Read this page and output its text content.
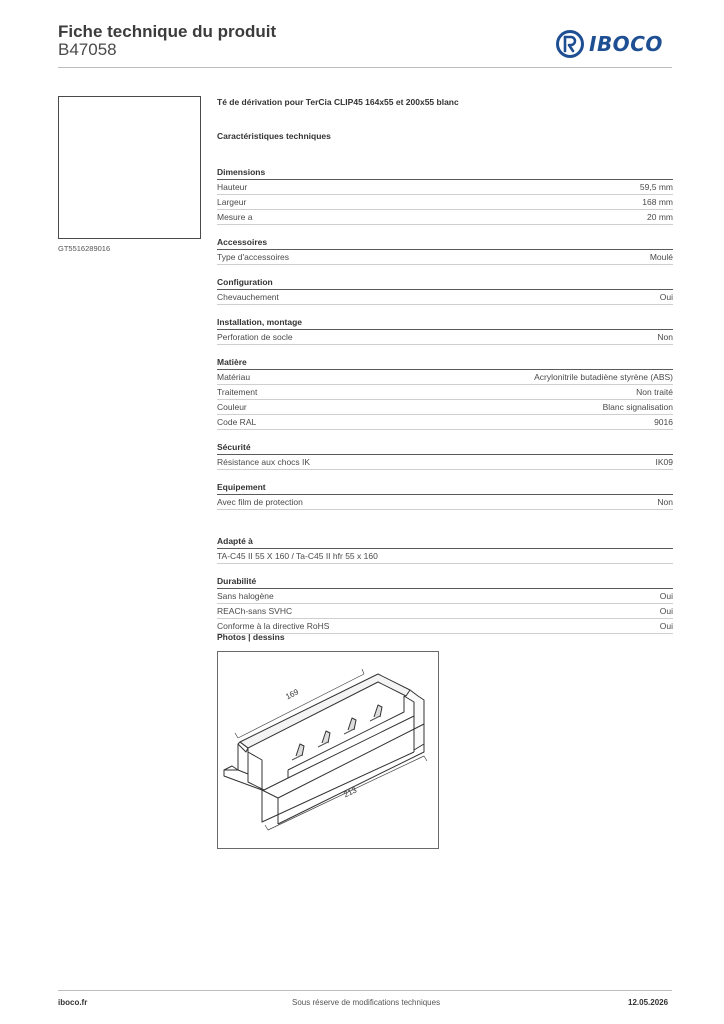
Fiche technique du produit
B47058	IBOCO
GT5516289016
Té de dérivation pour TerCia CLIP45 164x55 et 200x55 blanc
Caractéristiques techniques
Dimensions
Hauteur	59,5 mm
Largeur	168 mm
Mesure a	20 mm
Accessoires
Type d'accessoires	Moulé
Configuration
Chevauchement	Oui
Installation, montage
Perforation de socle	Non
Matière
Matériau	Acrylonitrile butadiène styrène (ABS)
Traitement	Non traité
Couleur	Blanc signalisation
Code RAL	9016
Sécurité
Résistance aux chocs IK	IK09
Equipement
Avec film de protection	Non
Adapté à
TA-C45 II 55 X 160 / Ta-C45 II hfr 55 x 160
Durabilité
Sans halogène	Oui
REACh-sans SVHC	Oui
Conforme à la directive RoHS	Oui
Photos | dessins
169
213
iboco.fr	Sous réserve de modifications techniques	12.05.2026
